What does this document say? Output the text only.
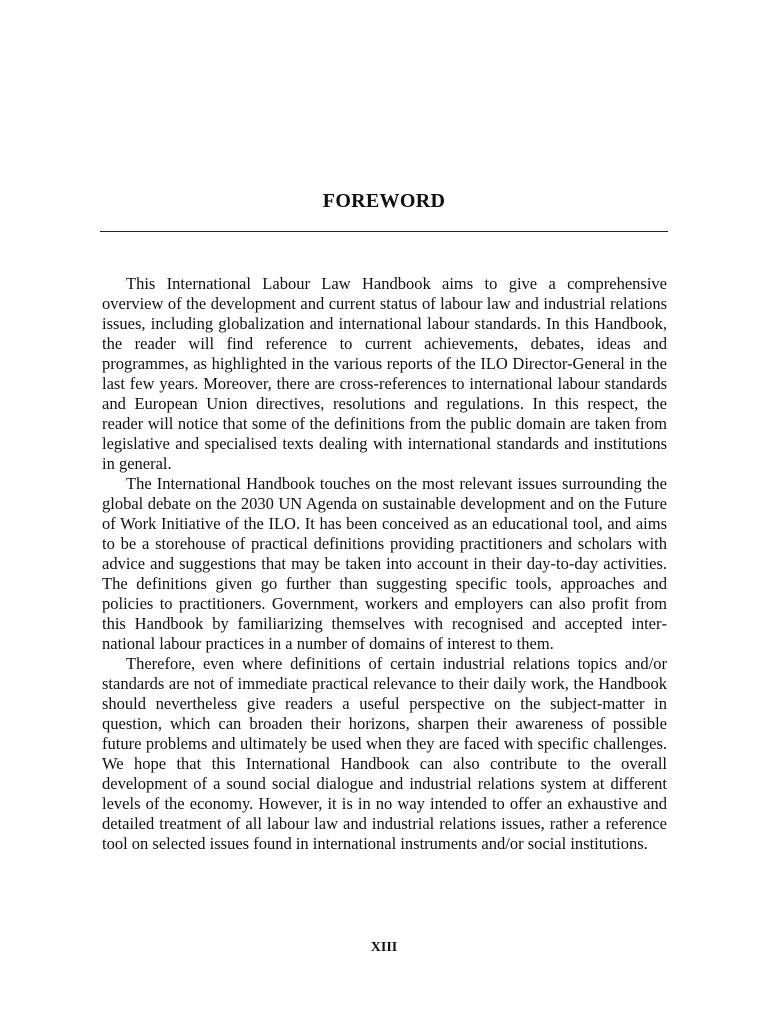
FOREWORD

This International Labour Law Handbook aims to give a comprehensive overview of the development and current status of labour law and industrial relations issues, including globalization and international labour standards. In this Handbook, the reader will find reference to current achievements, debates, ideas and programmes, as highlighted in the various reports of the ILO Director-General in the last few years. Moreover, there are cross-references to international labour standards and European Union directives, resolutions and regulations. In this respect, the reader will notice that some of the definitions from the public domain are taken from legislative and specialised texts dealing with international standards and institutions in general.

The International Handbook touches on the most relevant issues surrounding the global debate on the 2030 UN Agenda on sustainable development and on the Future of Work Initiative of the ILO. It has been conceived as an educational tool, and aims to be a storehouse of practical definitions providing practitioners and scholars with advice and suggestions that may be taken into account in their day-to-day activities. The definitions given go further than suggesting specific tools, approaches and policies to practitioners. Government, workers and employers can also profit from this Handbook by familiarizing themselves with recognised and accepted international labour practices in a number of domains of interest to them.

Therefore, even where definitions of certain industrial relations topics and/or standards are not of immediate practical relevance to their daily work, the Handbook should nevertheless give readers a useful perspective on the subject-matter in question, which can broaden their horizons, sharpen their awareness of possible future problems and ultimately be used when they are faced with specific challenges. We hope that this International Handbook can also contribute to the overall development of a sound social dialogue and industrial relations system at different levels of the economy. However, it is in no way intended to offer an exhaustive and detailed treatment of all labour law and industrial relations issues, rather a reference tool on selected issues found in international instruments and/or social institutions.

XIII
